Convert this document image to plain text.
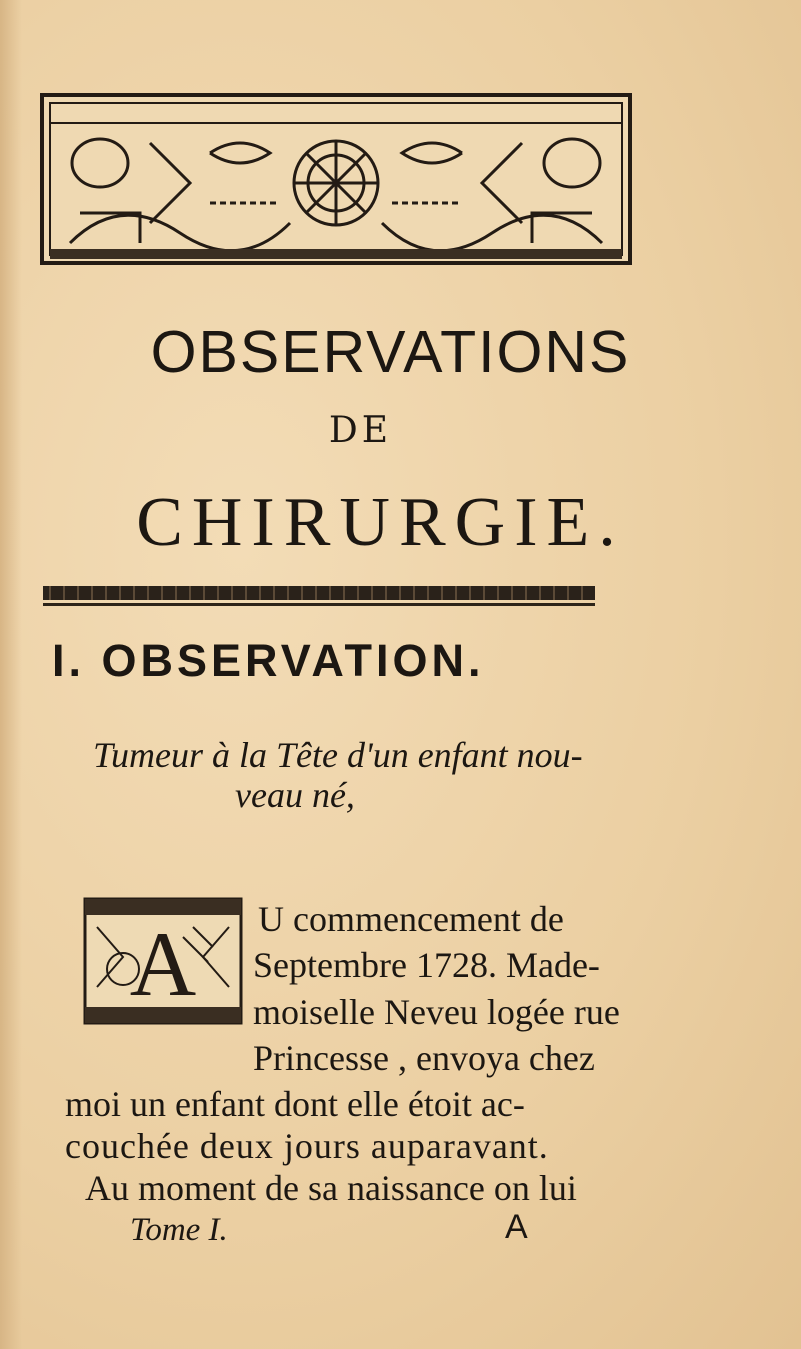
OBSERVATIONS
DE
CHIRURGIE.
I. OBSERVATION.

Tumeur à la Tête d'un enfant nou-
veau né,

A U commencement de

Septembre 1728. Made-

moiselle Neveu logée rue

Princesse , envoya chez

moi un enfant dont elle étoit ac-

couchée deux jours auparavant.

Tome I.	A

Au moment de sa naissance on lui
